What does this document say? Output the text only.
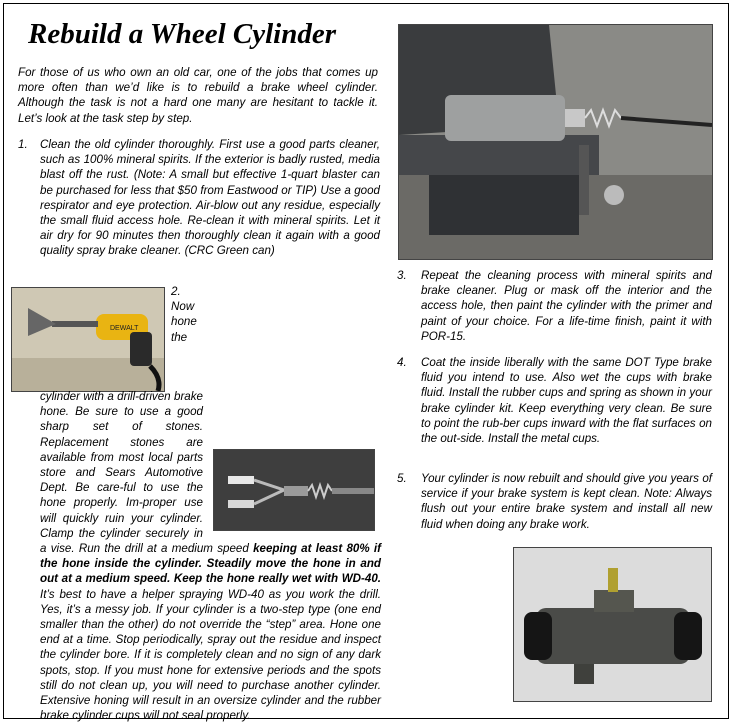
Rebuild a Wheel Cylinder
For those of us who own an old car, one of the jobs that comes up more often than we’d like is to rebuild a brake wheel cylinder. Although the task is not a hard one many are hesitant to tackle it. Let’s look at the task step by step.
1. Clean the old cylinder thoroughly. First use a good parts cleaner, such as 100% mineral spirits. If the exterior is badly rusted, media blast off the rust. (Note: A small but effective 1-quart blaster can be purchased for less that $50 from Eastwood or TIP) Use a good respirator and eye protection. Air-blow out any residue, especially the small fluid access hole. Re-clean it with mineral spirits. Let it air dry for 90 minutes then thoroughly clean it again with a good quality spray brake cleaner. (CRC Green can)
DEWALT
2. Now hone the cylinder with a drill-driven brake hone. Be sure to use a good sharp set of stones. Replacement stones are available from most local parts store and Sears Automotive Dept. Be care-ful to use the hone properly. Im-proper use will quickly ruin your cylinder. Clamp the cylinder securely in a vise. Run the drill at a medium speed keeping at least 80% if the hone inside the cylinder. Steadily move the hone in and out at a medium speed. Keep the hone really wet with WD-40. It’s best to have a helper spraying WD-40 as you work the drill. Yes, it’s a messy job. If your cylinder is a two-step type (one end smaller than the other) do not override the “step” area. Hone one end at a time. Stop periodically, spray out the residue and inspect the cylinder bore. If it is completely clean and no sign of any dark spots, stop. If you must hone for extensive periods and the spots still do not clean up, you will need to purchase another cylinder. Extensive honing will result in an oversize cylinder and the rubber brake cylinder cups will not seal properly.
3. Repeat the cleaning process with mineral spirits and brake cleaner. Plug or mask off the interior and the access hole, then paint the cylinder with the primer and paint of your choice. For a life-time finish, paint it with POR-15.
4. Coat the inside liberally with the same DOT Type brake fluid you intend to use. Also wet the cups with brake fluid. Install the rubber cups and spring as shown in your brake cylinder kit. Keep everything very clean. Be sure to point the rub-ber cups inward with the flat surfaces on the out-side. Install the metal cups.
5. Your cylinder is now rebuilt and should give you years of service if your brake system is kept clean. Note: Always flush out your entire brake system and install all new fluid when doing any brake work.
